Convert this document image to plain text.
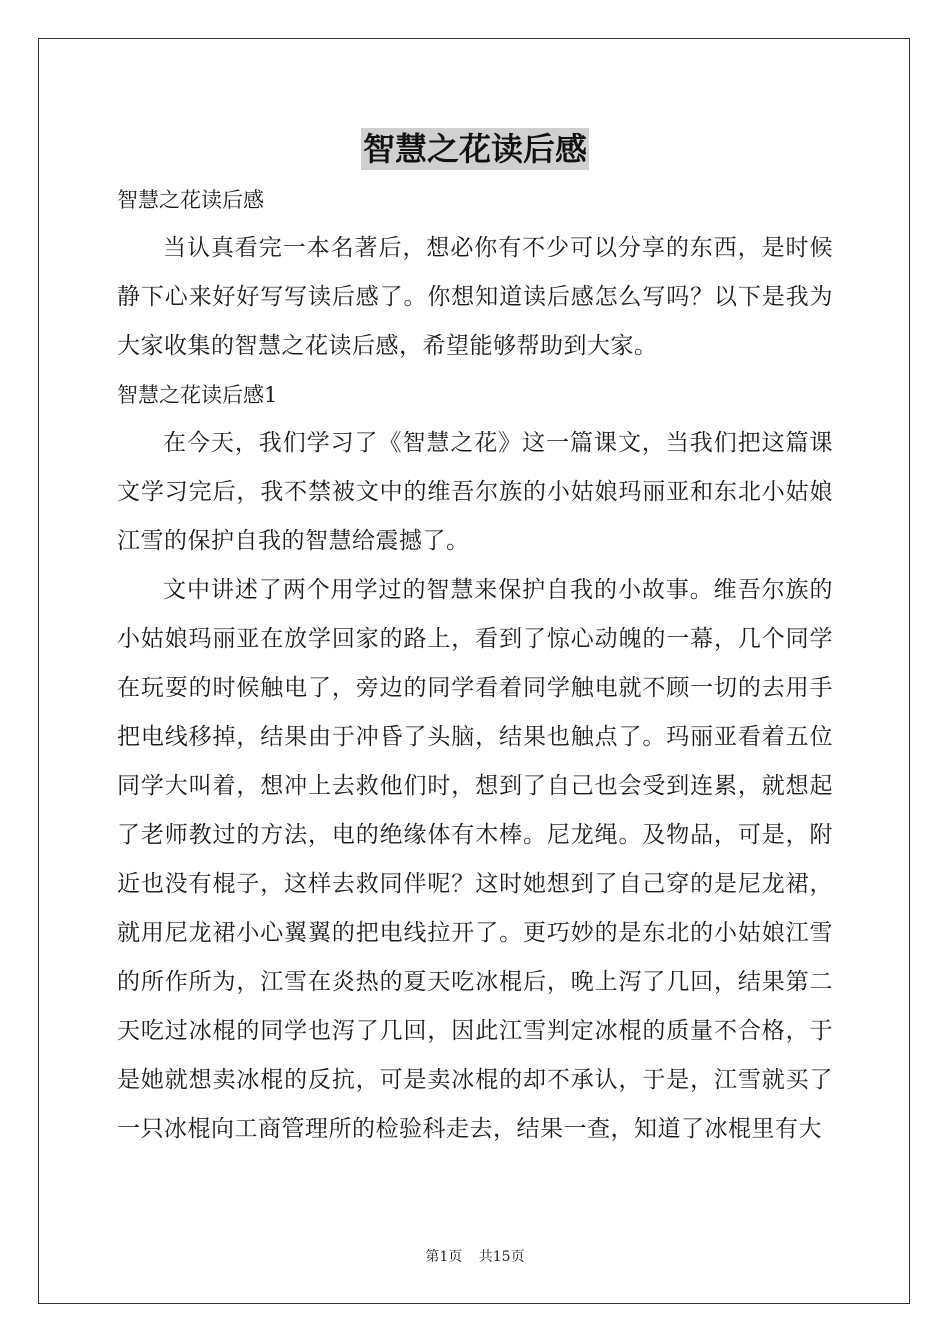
智慧之花读后感

智慧之花读后感

当认真看完一本名著后，想必你有不少可以分享的东西，是时候静下心来好好写写读后感了。你想知道读后感怎么写吗？以下是我为大家收集的智慧之花读后感，希望能够帮助到大家。

智慧之花读后感1

在今天，我们学习了《智慧之花》这一篇课文，当我们把这篇课文学习完后，我不禁被文中的维吾尔族的小姑娘玛丽亚和东北小姑娘江雪的保护自我的智慧给震撼了。

文中讲述了两个用学过的智慧来保护自我的小故事。维吾尔族的小姑娘玛丽亚在放学回家的路上，看到了惊心动魄的一幕，几个同学在玩耍的时候触电了，旁边的同学看着同学触电就不顾一切的去用手把电线移掉，结果由于冲昏了头脑，结果也触点了。玛丽亚看着五位同学大叫着，想冲上去救他们时，想到了自己也会受到连累，就想起了老师教过的方法，电的绝缘体有木棒。尼龙绳。及物品，可是，附近也没有棍子，这样去救同伴呢？这时她想到了自己穿的是尼龙裙，就用尼龙裙小心翼翼的把电线拉开了。更巧妙的是东北的小姑娘江雪的所作所为，江雪在炎热的夏天吃冰棍后，晚上泻了几回，结果第二天吃过冰棍的同学也泻了几回，因此江雪判定冰棍的质量不合格，于是她就想卖冰棍的反抗，可是卖冰棍的却不承认，于是，江雪就买了一只冰棍向工商管理所的检验科走去，结果一查，知道了冰棍里有大

第1页 共15页
